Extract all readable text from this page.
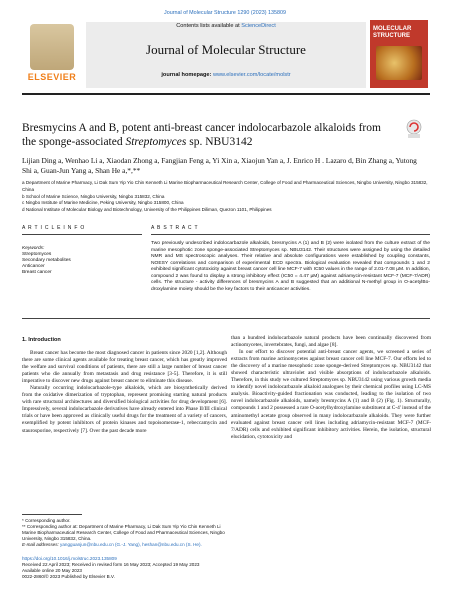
Journal of Molecular Structure 1290 (2023) 135809
ELSEVIER
Contents lists available at ScienceDirect
Journal of Molecular Structure
journal homepage: www.elsevier.com/locate/molstr
MOLECULAR STRUCTURE
Bresmycins A and B, potent anti-breast cancer indolocarbazole alkaloids from the sponge-associated Streptomyces sp. NBU3142
Lijian Ding a, Wenhao Li a, Xiaodan Zhong a, Fangjian Feng a, Yi Xin a, Xiaojun Yan a, J. Enrico H . Lazaro d, Bin Zhang a, Yutong Shi a, Guan-Jun Yang a, Shan He a,*,**
a Department of Marine Pharmacy, Li Dak Sum Yip Yio Chin Kenneth Li Marine Biopharmaceutical Research Center, College of Food and Pharmaceutical Sciences, Ningbo University, Ningbo 315832, China
b School of Marine Science, Ningbo University, Ningbo 315832, China
c Ningbo Institute of Marine Medicine, Peking University, Ningbo 315800, China
d National Institute of Molecular Biology and Biotechnology, University of the Philippines Diliman, Quezon 1101, Philippines
A R T I C L E I N F O	A B S T R A C T
Keywords:
Streptomyces
Secondary metabolites
Anticancer
Breast cancer
Two previously undescribed indolocarbazole alkaloids, bresmycins A (1) and B (2) were isolated from the culture extract of the marine mesophotic zone sponge-associated Streptomyces sp. NBU3142. Their structures were assigned by using the detailed NMR and MS spectroscopic analyses. Their relative and absolute configurations were established by coupling constants, NOESY correlations and comparison of experimental ECD spectra. Biological evaluation revealed that compounds 1 and 2 exhibited significant cytotoxicity against breast cancer cell line MCF-7 with IC50 values in the range of 2.01-7.08 µM. In addition, compound 2 was found to display a strong inhibitory effect (IC50 = 4.47 µM) against adriamycin-resistant MCF-7 (MCF-7/ADR) cells. The structure - activity differences of bresmycins A and B suggested that an additional N-methyl group in O-acetylBo-droxylamine moiety should be the key factors to their anticancer activities.
1. Introduction

Breast cancer has become the most diagnosed cancer in patients since 2020 [1,2]. Although there are some clinical agents available for treating breast cancer, which has greatly improved the welfare and survival conditions of patients, there are still a large number of breast cancer patients who die annually from metastasis and drug resistance [3-5]. Therefore, it is still imperative to discover new drugs against breast cancer to eliminate this disease.

Naturally occurring indolocarbazole-type alkaloids, which are biosynthetically derived from the oxidative dimerization of tryptophan, represent promising starting natural products with rare structural architectures and diversified biological activities for drug development [6]. Impressively, several indolocarbazole derivatives have already entered into Phase II/III clinical trials or have been approved as clinically useful drugs for the treatment of a variety of cancers, exemplified by potent inhibitors of protein kinases and topoisomerase-1, rebeccamycin and staurosporine, respectively [7]. Over the past decade more

than a hundred indolocarbazole natural products have been continually discovered from actinomycetes, invertebrates, fungi, and algae [8].

In our effort to discover potential anti-breast cancer agents, we screened a series of extracts from marine actinomycetes against breast cancer cell line MCF-7. Our efforts led to the discovery of a marine mesophotic zone sponge-derived Streptomyces sp. NBU3142 that showed characteristic ultraviolet and visible absorptions of indolocarbazole alkaloids. Therefore, in this study we cultured Streptomyces sp. NBU3142 using various growth media to identify novel indolocarbazole alkaloid analogues by their chemical profiles using LC-MS analysis. Bioactivity-guided fractionation was conducted, leading to the isolation of two novel indolocarbazole alkaloids, namely bresmycins A (1) and B (2) (Fig. 1). Structurally, compounds 1 and 2 possessed a rare O-acetylhydroxylamine substituent at C-4' instead of the aminomethyl acetate group observed in many indolocarbazole alkaloids. They were further evaluated against breast cancer cell lines including adriamycin-resistant MCF-7 (MCF-7/ADR) cells and exhibited significant inhibitory activities. Herein, the isolation, structural elucidation, cytotoxicity and

* Corresponding author.
** Corresponding author at: Department of Marine Pharmacy, Li Dak Sum Yip Yio Chin Kenneth Li Marine Biopharmaceutical Research Center, College of Food and Pharmaceutical Sciences, Ningbo University, Ningbo 315832, China.
E-mail addresses: yangguanjun@nbu.edu.cn (G.-J. Yang), heshan@nbu.edu.cn (S. He).
https://doi.org/10.1016/j.molstruc.2023.135809
Received 22 April 2023; Received in revised form 16 May 2023; Accepted 19 May 2023
Available online 20 May 2023
0022-2860/© 2023 Published by Elsevier B.V.
